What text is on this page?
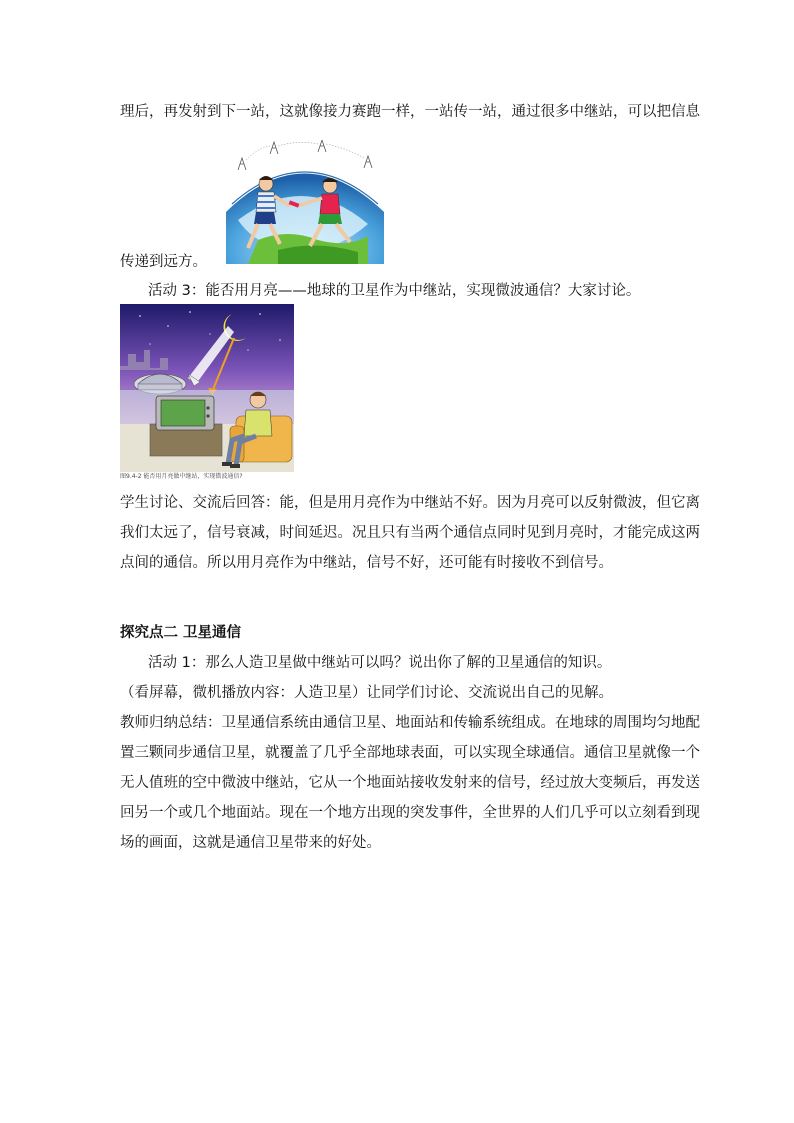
理后，再发射到下一站，这就像接力赛跑一样，一站传一站，通过很多中继站，可以把信息

传递到远方。

活动 3：能否用月亮——地球的卫星作为中继站，实现微波通信？大家讨论。

图9.4-2 能否用月亮做中继站，实现微波通信?

学生讨论、交流后回答：能，但是用月亮作为中继站不好。因为月亮可以反射微波，但它离
我们太远了，信号衰减，时间延迟。况且只有当两个通信点同时见到月亮时，才能完成这两
点间的通信。所以用月亮作为中继站，信号不好，还可能有时接收不到信号。

探究点二 卫星通信

活动 1：那么人造卫星做中继站可以吗？说出你了解的卫星通信的知识。
（看屏幕，微机播放内容：人造卫星）让同学们讨论、交流说出自己的见解。

教师归纳总结：卫星通信系统由通信卫星、地面站和传输系统组成。在地球的周围均匀地配
置三颗同步通信卫星，就覆盖了几乎全部地球表面，可以实现全球通信。通信卫星就像一个
无人值班的空中微波中继站，它从一个地面站接收发射来的信号，经过放大变频后，再发送
回另一个或几个地面站。现在一个地方出现的突发事件，全世界的人们几乎可以立刻看到现
场的画面，这就是通信卫星带来的好处。
